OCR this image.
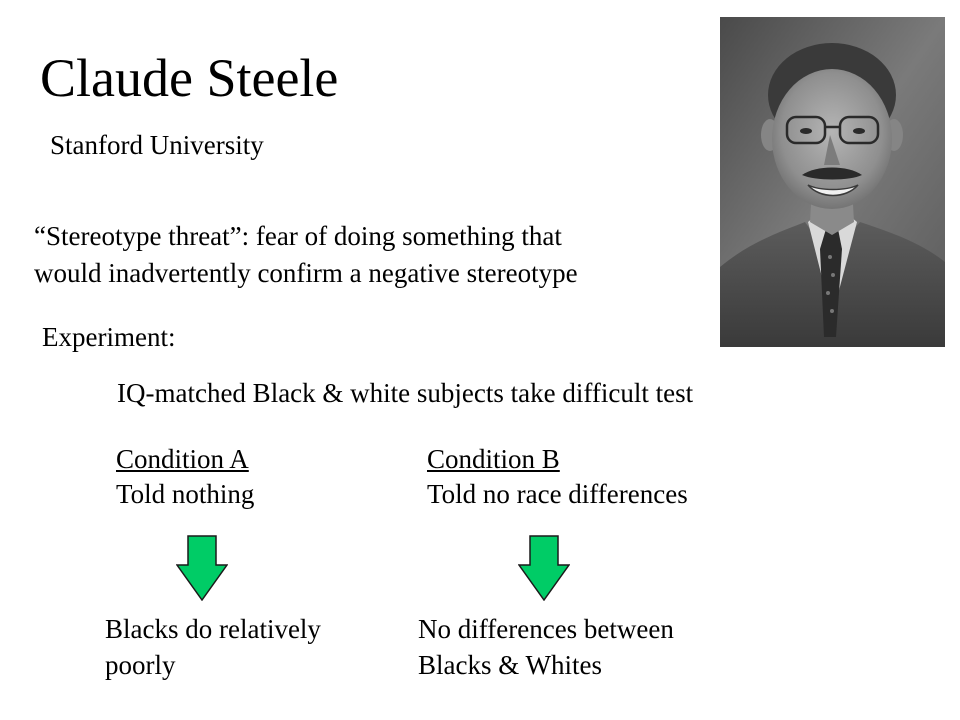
Claude Steele
Stanford University
“Stereotype threat”: fear of doing something that
would inadvertently confirm a negative stereotype
Experiment:
IQ-matched Black & white subjects take difficult test
Condition A
Told nothing
Condition B
Told no race differences
Blacks do relatively
poorly
No differences between
Blacks & Whites
